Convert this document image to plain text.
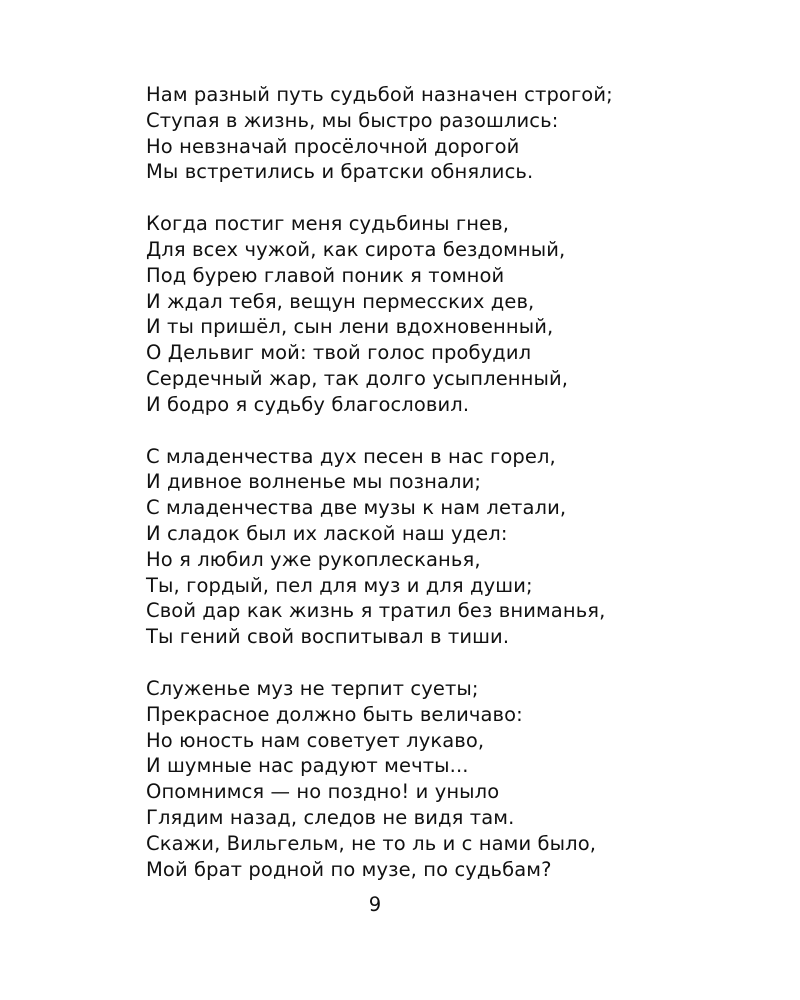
Нам разный путь судьбой назначен строгой;
Ступая в жизнь, мы быстро разошлись:
Но невзначай просёлочной дорогой
Мы встретились и братски обнялись.
Когда постиг меня судьбины гнев,
Для всех чужой, как сирота бездомный,
Под бурею главой поник я томной
И ждал тебя, вещун пермесских дев,
И ты пришёл, сын лени вдохновенный,
О Дельвиг мой: твой голос пробудил
Сердечный жар, так долго усыпленный,
И бодро я судьбу благословил.
С младенчества дух песен в нас горел,
И дивное волненье мы познали;
С младенчества две музы к нам летали,
И сладок был их лаской наш удел:
Но я любил уже рукоплесканья,
Ты, гордый, пел для муз и для души;
Свой дар как жизнь я тратил без вниманья,
Ты гений свой воспитывал в тиши.
Служенье муз не терпит суеты;
Прекрасное должно быть величаво:
Но юность нам советует лукаво,
И шумные нас радуют мечты...
Опомнимся — но поздно! и уныло
Глядим назад, следов не видя там.
Скажи, Вильгельм, не то ль и с нами было,
Мой брат родной по музе, по судьбам?
9
